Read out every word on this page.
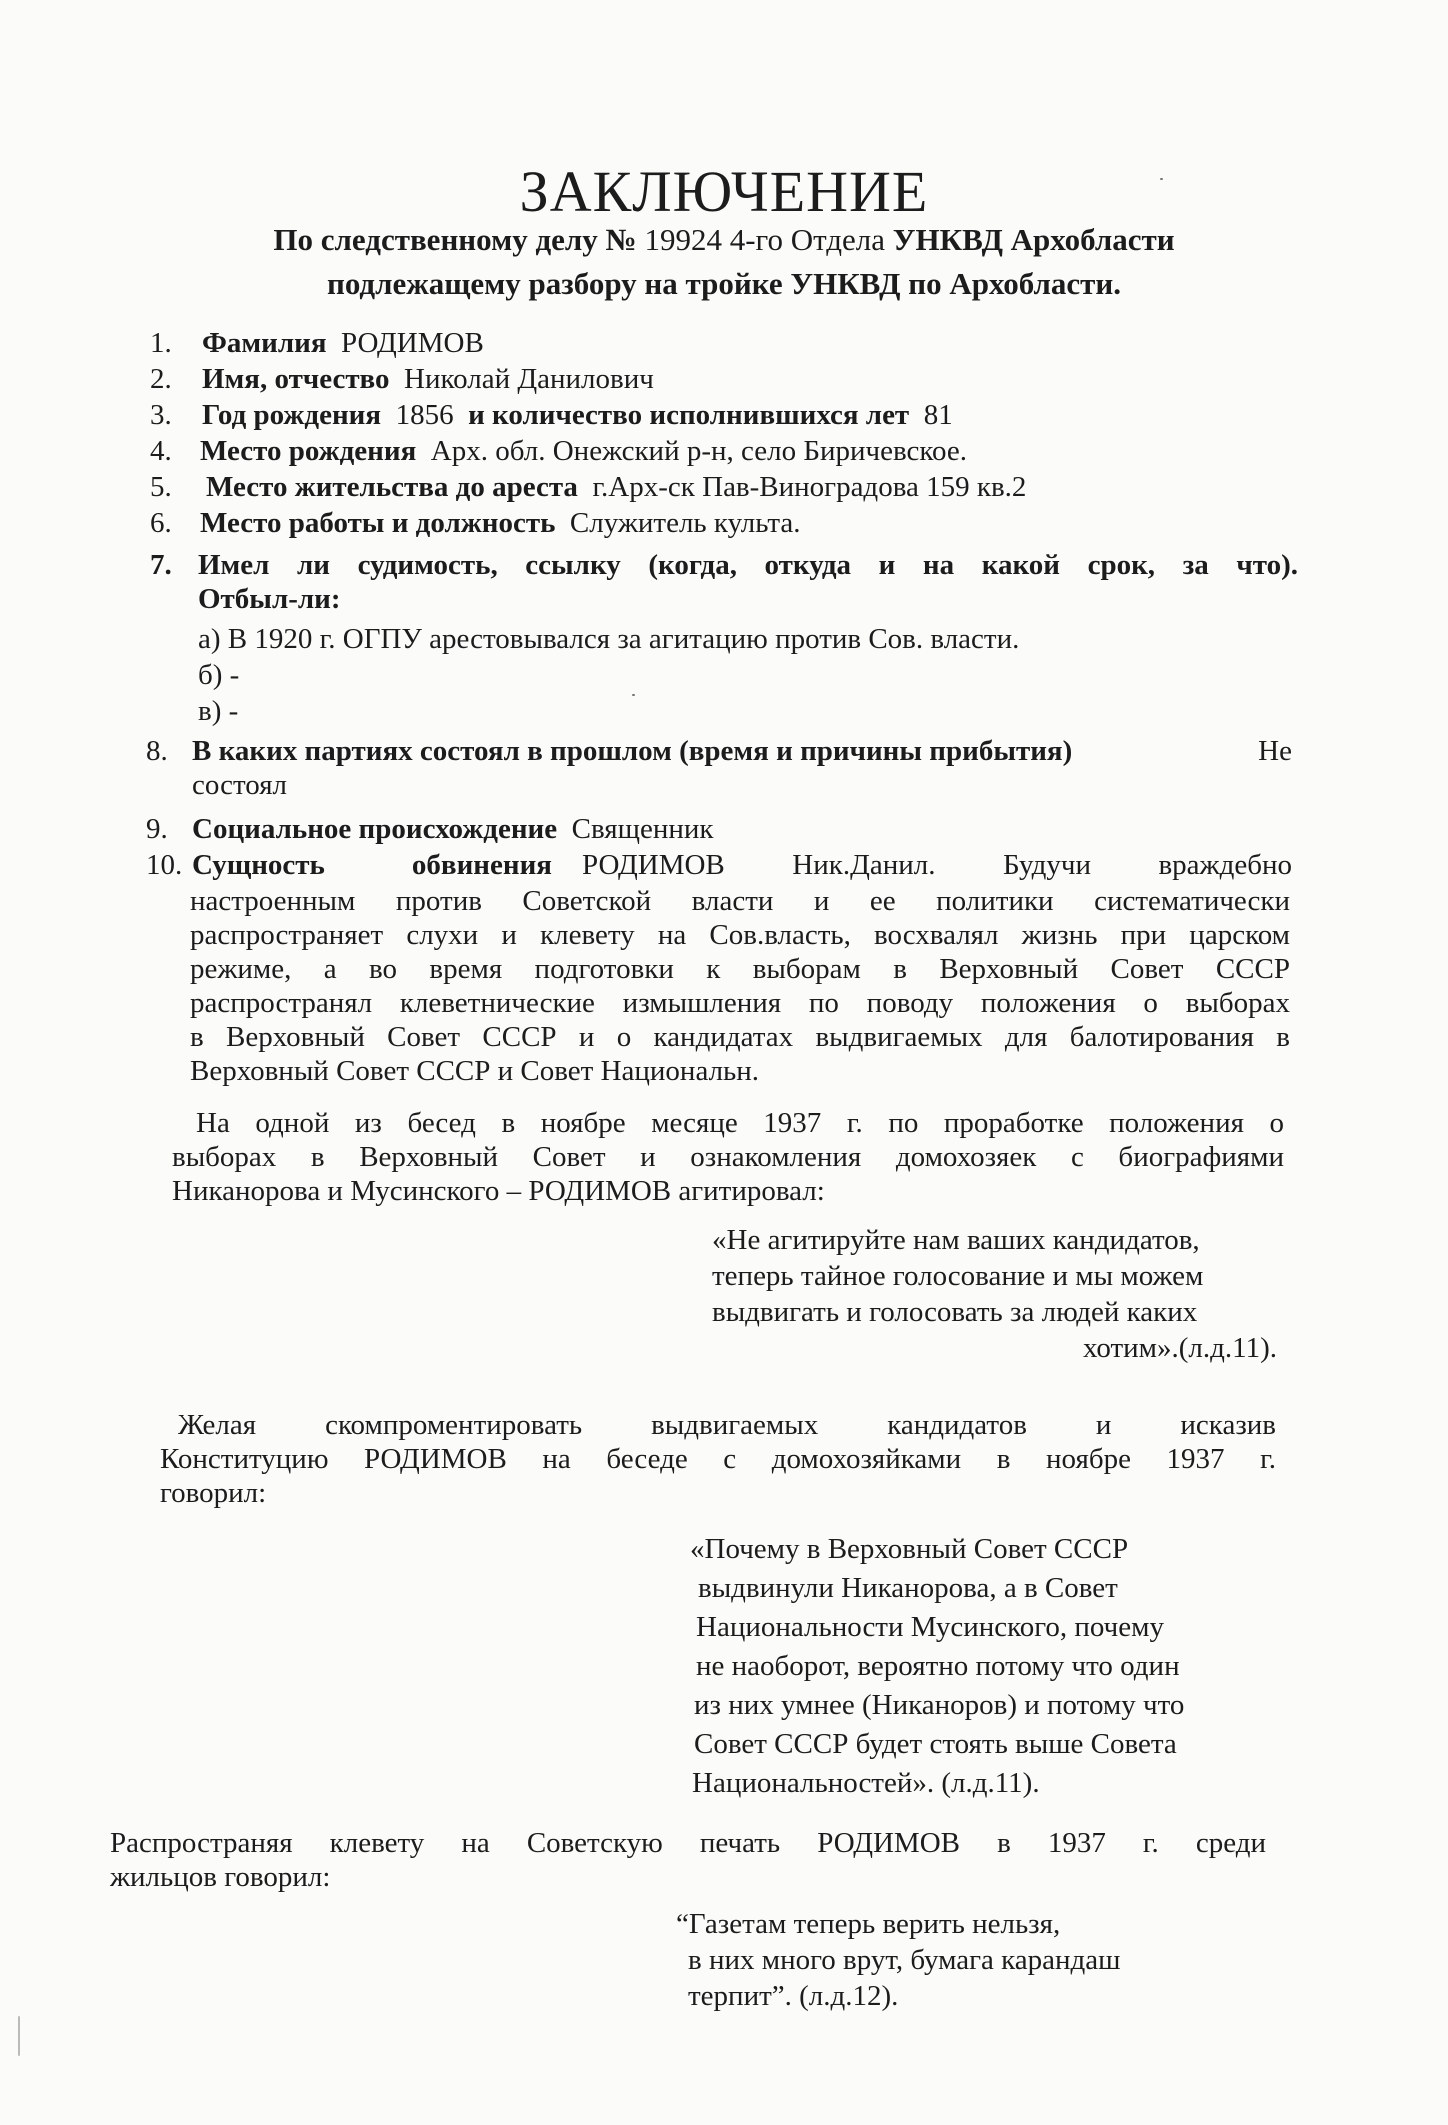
ЗАКЛЮЧЕНИЕ
По следственному делу № 19924 4-го Отдела УНКВД Архобласти
подлежащему разбору на тройке УНКВД по Архобласти.
1. Фамилия РОДИМОВ
2. Имя, отчество Николай Данилович
3. Год рождения 1856 и количество исполнившихся лет 81
4. Место рождения Арх. обл. Онежский р-н, село Биричевское.
5. Место жительства до ареста г.Арх-ск Пав-Виноградова 159 кв.2
6. Место работы и должность Служитель культа.
7. Имел ли судимость, ссылку (когда, откуда и на какой срок, за что).
Отбыл-ли:
а) В 1920 г. ОГПУ арестовывался за агитацию против Сов. власти.
б) -
в) -
8. В каких партиях состоял в прошлом (время и причины прибытия)	Не
состоял
9. Социальное происхождение Священник
10. Сущность обвинения РОДИМОВ Ник.Данил. Будучи враждебно
настроенным против Советской власти и ее политики систематически
распространяет слухи и клевету на Сов.власть, восхвалял жизнь при царском
режиме, а во время подготовки к выборам в Верховный Совет СССР
распространял клеветнические измышления по поводу положения о выборах
в Верховный Совет СССР и о кандидатах выдвигаемых для балотирования в
Верховный Совет СССР и Совет Национальн.
На одной из бесед в ноябре месяце 1937 г. по проработке положения о
выборах в Верховный Совет и ознакомления домохозяек с биографиями
Никанорова и Мусинского – РОДИМОВ агитировал:
«Не агитируйте нам ваших кандидатов,
теперь тайное голосование и мы можем
выдвигать и голосовать за людей каких
хотим».(л.д.11).
Желая скомпроментировать выдвигаемых кандидатов и исказив
Конституцию РОДИМОВ на беседе с домохозяйками в ноябре 1937 г.
говорил:
«Почему в Верховный Совет СССР
выдвинули Никанорова, а в Совет
Национальности Мусинского, почему
не наоборот, вероятно потому что один
из них умнее (Никаноров) и потому что
Совет СССР будет стоять выше Совета
Национальностей». (л.д.11).
Распространяя клевету на Советскую печать РОДИМОВ в 1937 г. среди
жильцов говорил:
“Газетам теперь верить нельзя,
в них много врут, бумага карандаш
терпит”. (л.д.12).
